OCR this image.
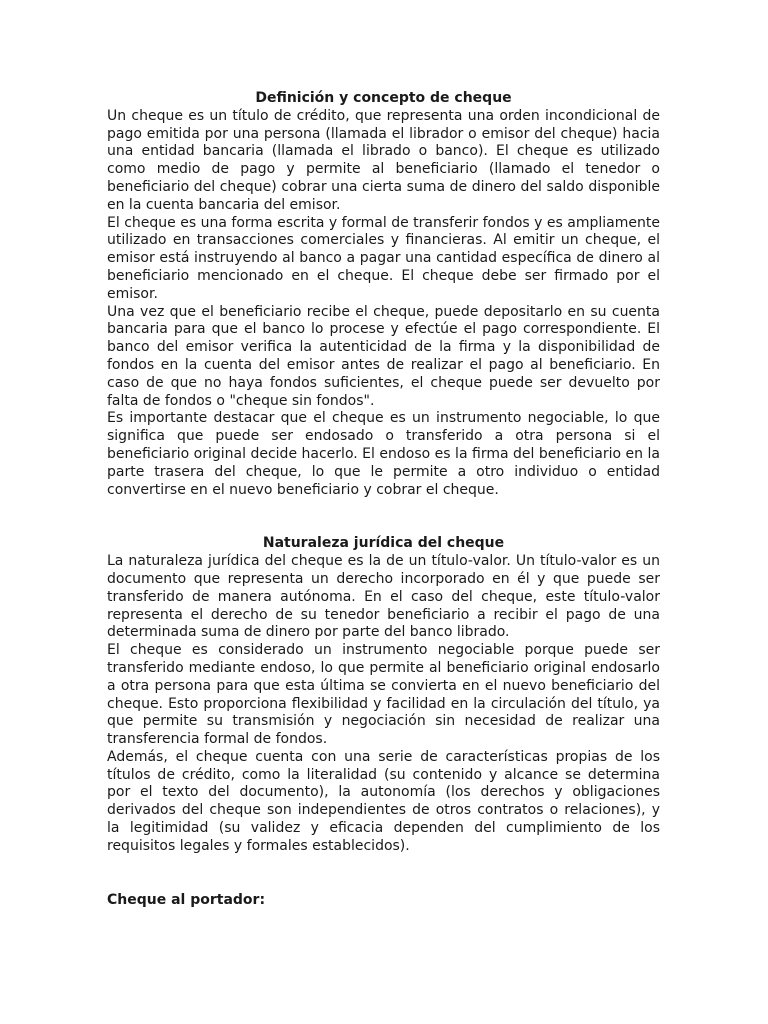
Definición y concepto de cheque

Un cheque es un título de crédito, que representa una orden incondicional de pago emitida por una persona (llamada el librador o emisor del cheque) hacia una entidad bancaria (llamada el librado o banco). El cheque es utilizado como medio de pago y permite al beneficiario (llamado el tenedor o beneficiario del cheque) cobrar una cierta suma de dinero del saldo disponible en la cuenta bancaria del emisor.

El cheque es una forma escrita y formal de transferir fondos y es ampliamente utilizado en transacciones comerciales y financieras. Al emitir un cheque, el emisor está instruyendo al banco a pagar una cantidad específica de dinero al beneficiario mencionado en el cheque. El cheque debe ser firmado por el emisor.

Una vez que el beneficiario recibe el cheque, puede depositarlo en su cuenta bancaria para que el banco lo procese y efectúe el pago correspondiente. El banco del emisor verifica la autenticidad de la firma y la disponibilidad de fondos en la cuenta del emisor antes de realizar el pago al beneficiario. En caso de que no haya fondos suficientes, el cheque puede ser devuelto por falta de fondos o "cheque sin fondos".

Es importante destacar que el cheque es un instrumento negociable, lo que significa que puede ser endosado o transferido a otra persona si el beneficiario original decide hacerlo. El endoso es la firma del beneficiario en la parte trasera del cheque, lo que le permite a otro individuo o entidad convertirse en el nuevo beneficiario y cobrar el cheque.

Naturaleza jurídica del cheque

La naturaleza jurídica del cheque es la de un título-valor. Un título-valor es un documento que representa un derecho incorporado en él y que puede ser transferido de manera autónoma. En el caso del cheque, este título-valor representa el derecho de su tenedor beneficiario a recibir el pago de una determinada suma de dinero por parte del banco librado.

El cheque es considerado un instrumento negociable porque puede ser transferido mediante endoso, lo que permite al beneficiario original endosarlo a otra persona para que esta última se convierta en el nuevo beneficiario del cheque. Esto proporciona flexibilidad y facilidad en la circulación del título, ya que permite su transmisión y negociación sin necesidad de realizar una transferencia formal de fondos.

Además, el cheque cuenta con una serie de características propias de los títulos de crédito, como la literalidad (su contenido y alcance se determina por el texto del documento), la autonomía (los derechos y obligaciones derivados del cheque son independientes de otros contratos o relaciones), y la legitimidad (su validez y eficacia dependen del cumplimiento de los requisitos legales y formales establecidos).

Cheque al portador:
